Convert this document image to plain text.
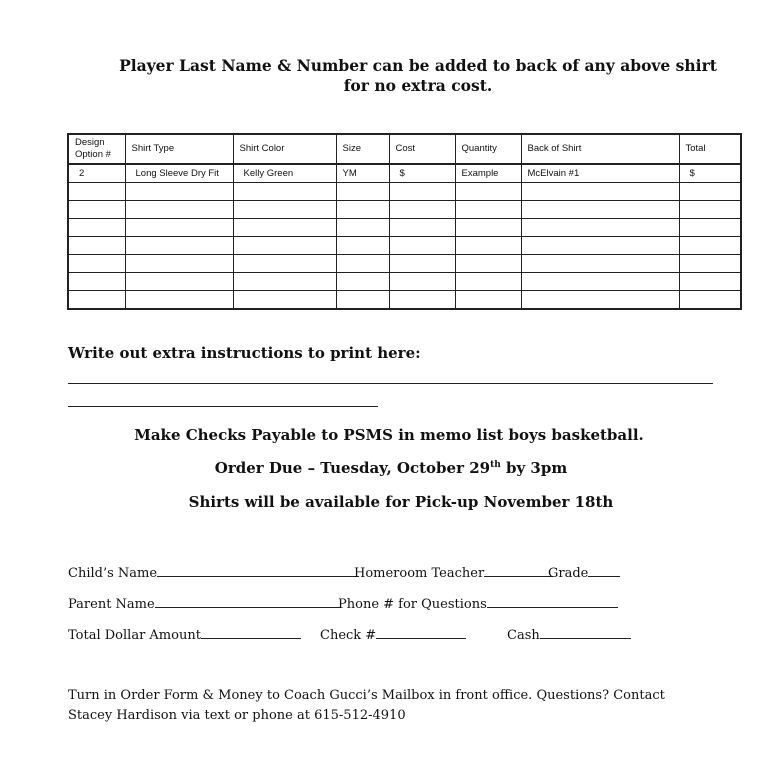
Player Last Name & Number can be added to back of any above shirt for no extra cost.
Design Option #	Shirt Type	Shirt Color	Size	Cost	Quantity	Back of Shirt	Total
2	Long Sleeve Dry Fit	Kelly Green	YM	$	Example	McElvain #1	$

Write out extra instructions to print here:
Make Checks Payable to PSMS in memo list boys basketball.
Order Due – Tuesday, October 29th by 3pm
Shirts will be available for Pick-up November 18th
Child’s Name	Homeroom Teacher	Grade
Parent Name	Phone # for Questions
Total Dollar Amount	Check #	Cash
Turn in Order Form & Money to Coach Gucci’s Mailbox in front office. Questions? Contact Stacey Hardison via text or phone at 615-512-4910
